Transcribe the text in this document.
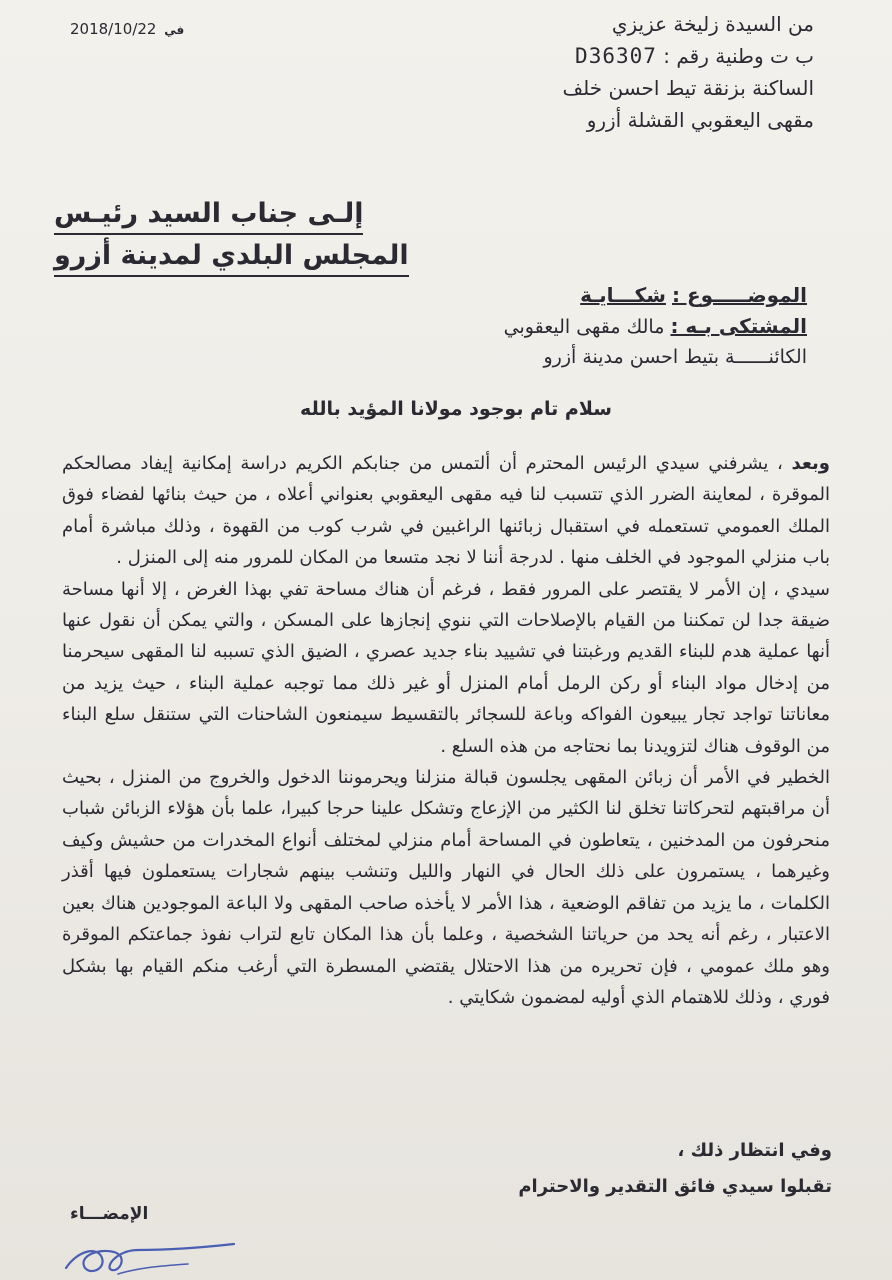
2018/10/22 في	من السيدة زليخة عزيزي
ب ت وطنية رقم : D36307
الساكنة بزنقة تيط احسن خلف
مقهى اليعقوبي القشلة أزرو
إلـى جناب السيد رئيـس
المجلس البلدي لمدينة أزرو
الموضـــــوع : شكـــايـة
المشتكى بـه : مالك مقهى اليعقوبي
الكائنــــــة بتيط احسن مدينة أزرو
سلام تام بوجود مولانا المؤيد بالله

وبعد ، يشرفني سيدي الرئيس المحترم أن ألتمس من جنابكم الكريم دراسة إمكانية إيفاد مصالحكم الموقرة ، لمعاينة الضرر الذي تتسبب لنا فيه مقهى اليعقوبي بعنواني أعلاه ، من حيث بنائها لفضاء فوق الملك العمومي تستعمله في استقبال زبائنها الراغبين في شرب كوب من القهوة ، وذلك مباشرة أمام باب منزلي الموجود في الخلف منها . لدرجة أننا لا نجد متسعا من المكان للمرور منه إلى المنزل .

سيدي ، إن الأمر لا يقتصر على المرور فقط ، فرغم أن هناك مساحة تفي بهذا الغرض ، إلا أنها مساحة ضيقة جدا لن تمكننا من القيام بالإصلاحات التي ننوي إنجازها على المسكن ، والتي يمكن أن نقول عنها أنها عملية هدم للبناء القديم ورغبتنا في تشييد بناء جديد عصري ، الضيق الذي تسببه لنا المقهى سيحرمنا من إدخال مواد البناء أو ركن الرمل أمام المنزل أو غير ذلك مما توجبه عملية البناء ، حيث يزيد من معاناتنا تواجد تجار يبيعون الفواكه وباعة للسجائر بالتقسيط سيمنعون الشاحنات التي ستنقل سلع البناء من الوقوف هناك لتزويدنا بما نحتاجه من هذه السلع .

الخطير في الأمر أن زبائن المقهى يجلسون قبالة منزلنا ويحرموننا الدخول والخروج من المنزل ، بحيث أن مراقبتهم لتحركاتنا تخلق لنا الكثير من الإزعاج وتشكل علينا حرجا كبيرا، علما بأن هؤلاء الزبائن شباب منحرفون من المدخنين ، يتعاطون في المساحة أمام منزلي لمختلف أنواع المخدرات من حشيش وكيف وغيرهما ، يستمرون على ذلك الحال في النهار والليل وتنشب بينهم شجارات يستعملون فيها أقذر الكلمات ، ما يزيد من تفاقم الوضعية ، هذا الأمر لا يأخذه صاحب المقهى ولا الباعة الموجودين هناك بعين الاعتبار ، رغم أنه يحد من حرياتنا الشخصية ، وعلما بأن هذا المكان تابع لتراب نفوذ جماعتكم الموقرة وهو ملك عمومي ، فإن تحريره من هذا الاحتلال يقتضي المسطرة التي أرغب منكم القيام بها بشكل فوري ، وذلك للاهتمام الذي أوليه لمضمون شكايتي .

وفي انتظار ذلك ،
تقبلوا سيدي فائق التقدير والاحترام
الإمضـــاء
